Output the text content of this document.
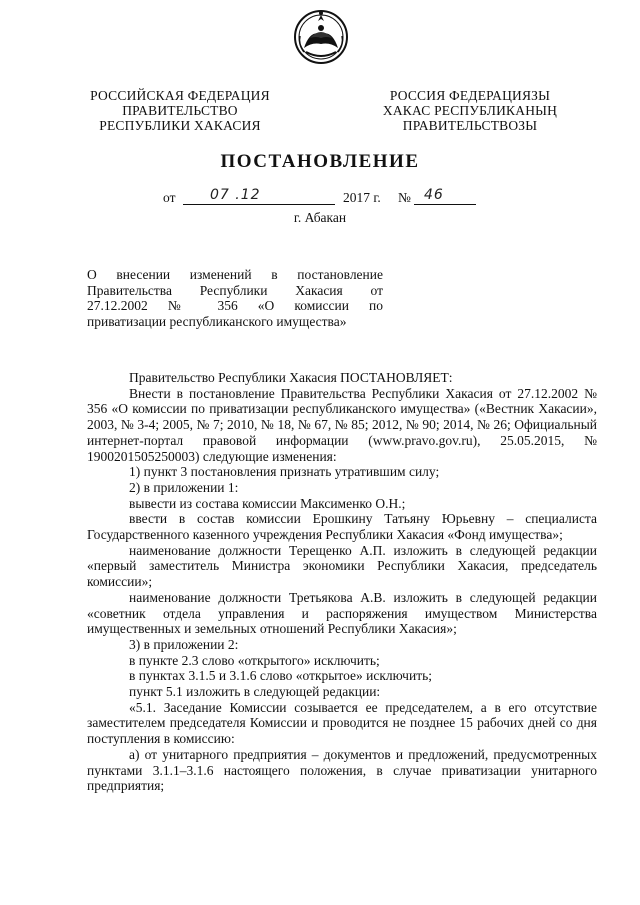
РОССИЙСКАЯ ФЕДЕРАЦИЯ
ПРАВИТЕЛЬСТВО
РЕСПУБЛИКИ ХАКАСИЯ
РОССИЯ ФЕДЕРАЦИЯЗЫ
ХАКАС РЕСПУБЛИКАНЫҢ
ПРАВИТЕЛЬСТВОЗЫ
ПОСТАНОВЛЕНИЕ
от 07 .12	2017 г. № 46
г. Абакан
О внесении изменений в постановление
Правительства Республики Хакасия от
27.12.2002 № 356 «О комиссии по
приватизации республиканского имущества»

Правительство Республики Хакасия ПОСТАНОВЛЯЕТ:

Внести в постановление Правительства Республики Хакасия от 27.12.2002 № 356 «О комиссии по приватизации республиканского имущества» («Вестник Хакасии», 2003, № 3-4; 2005, № 7; 2010, № 18, № 67, № 85; 2012, № 90; 2014, № 26; Официальный интернет-портал правовой информации (www.pravo.gov.ru), 25.05.2015, № 1900201505250003) следующие изменения:

1) пункт 3 постановления признать утратившим силу;

2) в приложении 1:

вывести из состава комиссии Максименко О.Н.;

ввести в состав комиссии Ерошкину Татьяну Юрьевну – специалиста Государственного казенного учреждения Республики Хакасия «Фонд имущества»;

наименование должности Терещенко А.П. изложить в следующей редакции «первый заместитель Министра экономики Республики Хакасия, председатель комиссии»;

наименование должности Третьякова А.В. изложить в следующей редакции «советник отдела управления и распоряжения имуществом Министерства имущественных и земельных отношений Республики Хакасия»;

3) в приложении 2:

в пункте 2.3 слово «открытого» исключить;

в пунктах 3.1.5 и 3.1.6 слово «открытое» исключить;

пункт 5.1 изложить в следующей редакции:

«5.1. Заседание Комиссии созывается ее председателем, а в его отсутствие заместителем председателя Комиссии и проводится не позднее 15 рабочих дней со дня поступления в комиссию:

а) от унитарного предприятия – документов и предложений, предусмотренных пунктами 3.1.1–3.1.6 настоящего положения, в случае приватизации унитарного предприятия;
